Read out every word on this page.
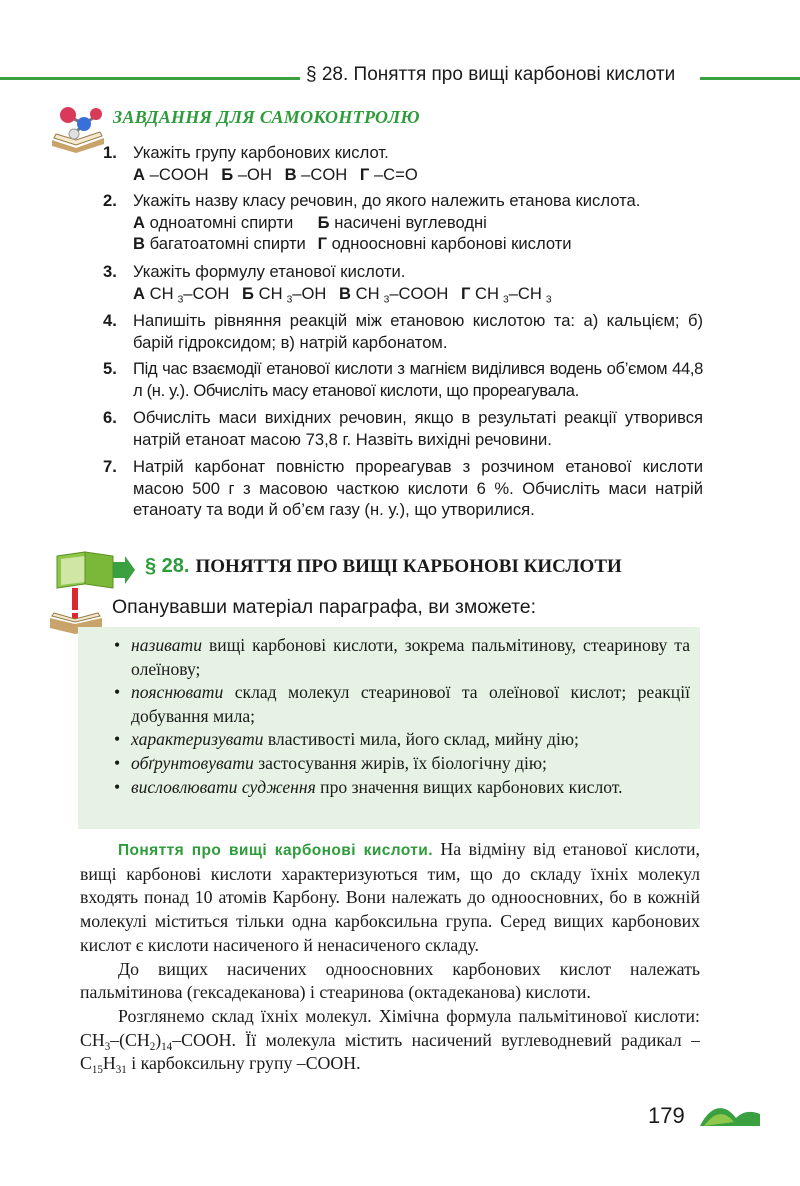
§ 28. Поняття про вищі карбонові кислоти
ЗАВДАННЯ ДЛЯ САМОКОНТРОЛЮ
1. Укажіть групу карбонових кислот.
А –COOH Б –OH В –COH Г –C=O
2. Укажіть назву класу речовин, до якого належить етанова кислота.
А одноатомні спирти Б насичені вуглеводні
В багатоатомні спирти Г одноосновні карбонові кислоти
3. Укажіть формулу етанової кислоти.
А CH $_3$–COH Б CH $_3$–OH В CH $_3$–COOH Г CH $_3$–CH $_3$
4. Напишіть рівняння реакцій між етановою кислотою та: а) кальцієм; б) барій гідроксидом; в) натрій карбонатом.
5. Під час взаємодії етанової кислоти з магнієм виділився водень об’ємом 44,8 л (н. у.). Обчисліть масу етанової кислоти, що прореагувала.
6. Обчисліть маси вихідних речовин, якщо в результаті реакції утворився натрій етаноат масою 73,8 г. Назвіть вихідні речовини.
7. Натрій карбонат повністю прореагував з розчином етанової кислоти масою 500 г з масовою часткою кислоти 6 %. Обчисліть маси натрій етаноату та води й об’єм газу (н. у.), що утворилися.
§ 28. ПОНЯТТЯ ПРО ВИЩІ КАРБОНОВІ КИСЛОТИ
Опанувавши матеріал параграфа, ви зможете:
• називати вищі карбонові кислоти, зокрема пальмітинову, стеаринову та олеїнову;
• пояснювати склад молекул стеаринової та олеїнової кислот; реакції добування мила;
• характеризувати властивості мила, його склад, мийну дію;
• обґрунтовувати застосування жирів, їх біологічну дію;
• висловлювати судження про значення вищих карбонових кислот.

Поняття про вищі карбонові кислоти. На відміну від етанової кислоти, вищі карбонові кислоти характеризуються тим, що до складу їхніх молекул входять понад 10 атомів Карбону. Вони належать до одноосновних, бо в кожній молекулі міститься тільки одна карбоксильна група. Серед вищих карбонових кислот є кислоти насиченого й ненасиченого складу.

До вищих насичених одноосновних карбонових кислот належать пальмітинова (гексадеканова) і стеаринова (октадеканова) кислоти.

Розглянемо склад їхніх молекул. Хімічна формула пальмітинової кислоти: $CH_3-(CH_2)_{14}$–COOH. Її молекула містить насичений вуглеводневий радикал $-C_{15}H_{31}$ і карбоксильну групу –COOH.

179
